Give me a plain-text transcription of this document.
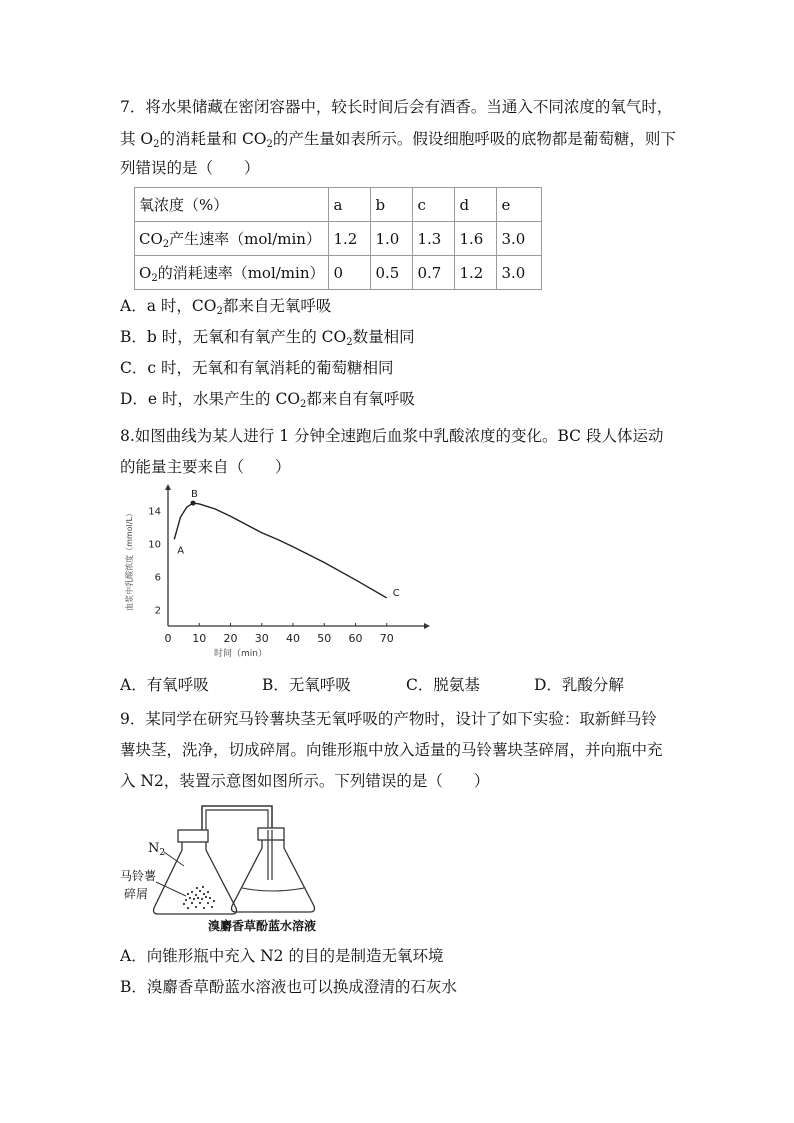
7．将水果储藏在密闭容器中，较长时间后会有酒香。当通入不同浓度的氧气时，
其 $O_2$的消耗量和 $CO_2$的产生量如表所示。假设细胞呼吸的底物都是葡萄糖，则下
列错误的是（　　）
氧浓度（%）	a	b	c	d	e
$CO_2$产生速率（mol/min）	1.2	1.0	1.3	1.6	3.0
$O_2$的消耗速率（mol/min）	0	0.5	0.7	1.2	3.0
A．a 时，$CO_2$都来自无氧呼吸
B．b 时，无氧和有氧产生的 $CO_2$数量相同
C．c 时，无氧和有氧消耗的葡萄糖相同
D．e 时，水果产生的 $CO_2$都来自有氧呼吸
8.如图曲线为某人进行 1 分钟全速跑后血浆中乳酸浓度的变化。BC 段人体运动
的能量主要来自（　　）
0 10 20 30 40 50 60 70
2
6
10
14
A
B
C
时间（min）
血浆中乳酸浓度（mmol/L）
A．有氧呼吸	B．无氧呼吸	C．脱氨基	D．乳酸分解
9．某同学在研究马铃薯块茎无氧呼吸的产物时，设计了如下实验：取新鲜马铃
薯块茎，洗净，切成碎屑。向锥形瓶中放入适量的马铃薯块茎碎屑，并向瓶中充
入 N2，装置示意图如图所示。下列错误的是（　　）
$N_2$
马铃薯
碎屑
溴麝香草酚蓝水溶液
A．向锥形瓶中充入 N2 的目的是制造无氧环境
B．溴麝香草酚蓝水溶液也可以换成澄清的石灰水
